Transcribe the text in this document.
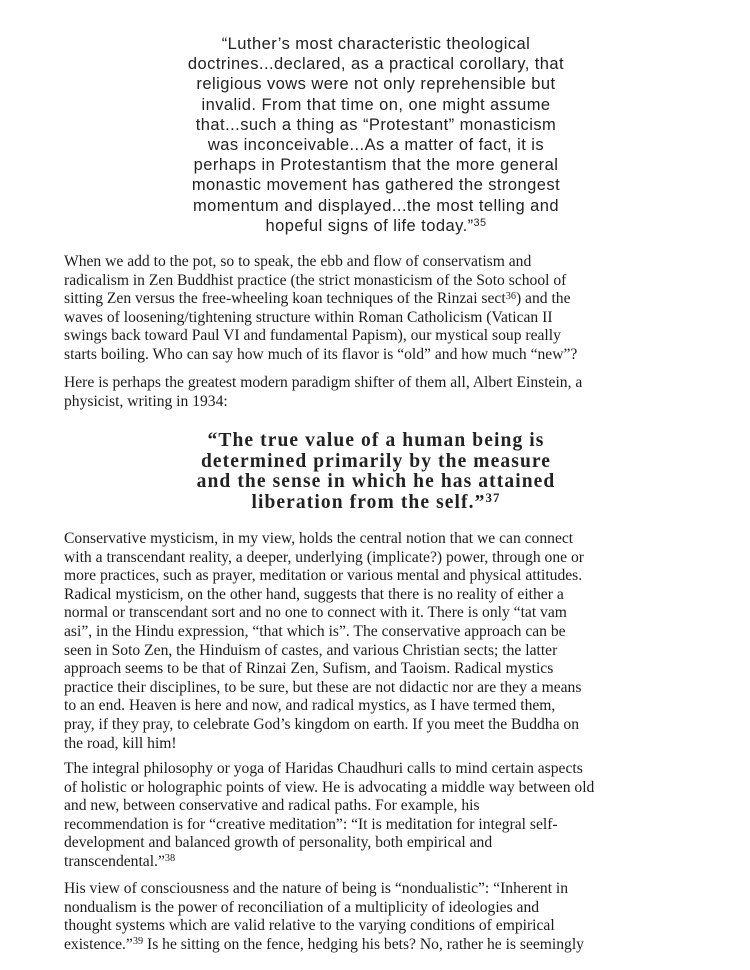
“Luther’s most characteristic theological
doctrines...declared, as a practical corollary, that
religious vows were not only reprehensible but
invalid. From that time on, one might assume
that...such a thing as “Protestant” monasticism
was inconceivable...As a matter of fact, it is
perhaps in Protestantism that the more general
monastic movement has gathered the strongest
momentum and displayed...the most telling and
hopeful signs of life today.”$^{35}$
When we add to the pot, so to speak, the ebb and flow of conservatism and
radicalism in Zen Buddhist practice (the strict monasticism of the Soto school of
sitting Zen versus the free-wheeling koan techniques of the Rinzai sect$^{36}$) and the
waves of loosening/tightening structure within Roman Catholicism (Vatican II
swings back toward Paul VI and fundamental Papism), our mystical soup really
starts boiling. Who can say how much of its flavor is “old” and how much “new”?
Here is perhaps the greatest modern paradigm shifter of them all, Albert Einstein, a
physicist, writing in 1934:
“The true value of a human being is
determined primarily by the measure
and the sense in which he has attained
liberation from the self.”$^{37}$
Conservative mysticism, in my view, holds the central notion that we can connect
with a transcendant reality, a deeper, underlying (implicate?) power, through one or
more practices, such as prayer, meditation or various mental and physical attitudes.
Radical mysticism, on the other hand, suggests that there is no reality of either a
normal or transcendant sort and no one to connect with it. There is only “tat vam
asi”, in the Hindu expression, “that which is”. The conservative approach can be
seen in Soto Zen, the Hinduism of castes, and various Christian sects; the latter
approach seems to be that of Rinzai Zen, Sufism, and Taoism. Radical mystics
practice their disciplines, to be sure, but these are not didactic nor are they a means
to an end. Heaven is here and now, and radical mystics, as I have termed them,
pray, if they pray, to celebrate God’s kingdom on earth. If you meet the Buddha on
the road, kill him!
The integral philosophy or yoga of Haridas Chaudhuri calls to mind certain aspects
of holistic or holographic points of view. He is advocating a middle way between old
and new, between conservative and radical paths. For example, his
recommendation is for “creative meditation”: “It is meditation for integral self-
development and balanced growth of personality, both empirical and
transcendental.”$^{38}$
His view of consciousness and the nature of being is “nondualistic”: “Inherent in
nondualism is the power of reconciliation of a multiplicity of ideologies and
thought systems which are valid relative to the varying conditions of empirical
existence.”$^{39}$ Is he sitting on the fence, hedging his bets? No, rather he is seemingly
